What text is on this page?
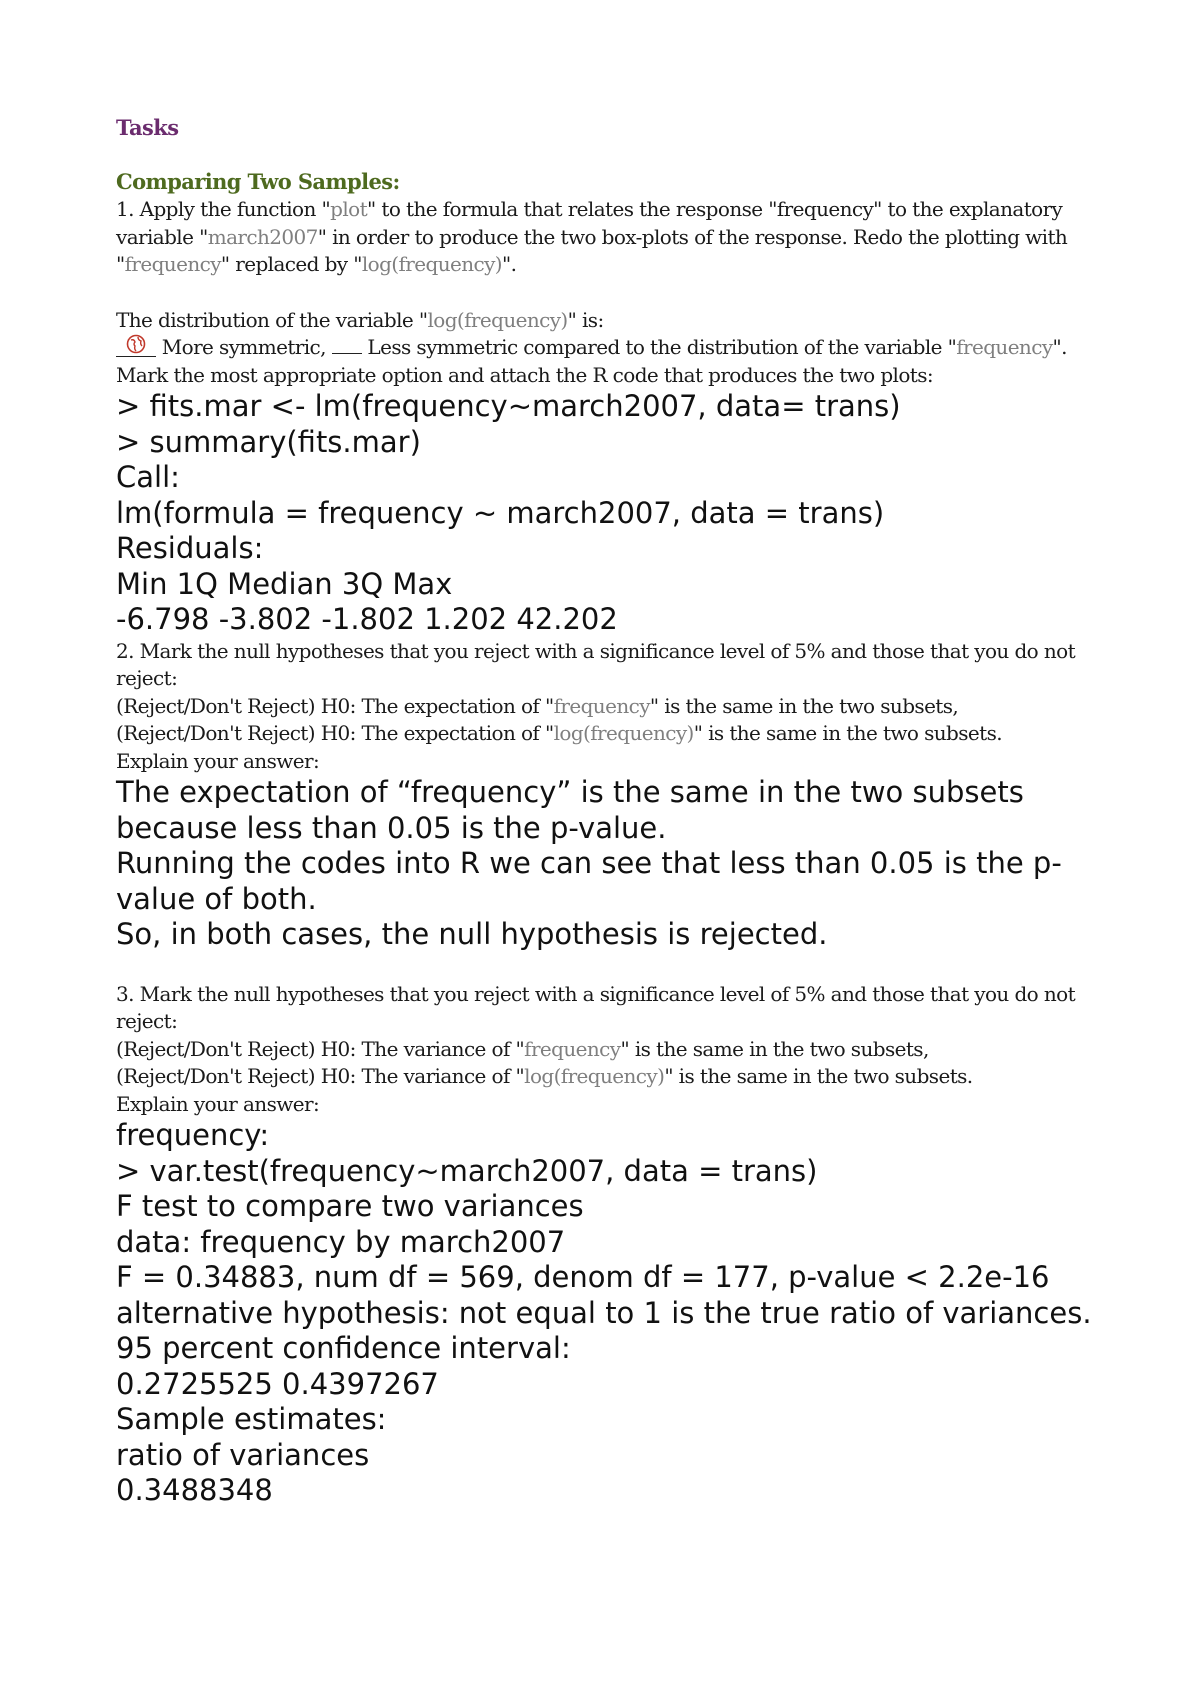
Tasks

Comparing Two Samples:

1. Apply the function "plot" to the formula that relates the response "frequency" to the explanatory variable "march2007" in order to produce the two box-plots of the response. Redo the plotting with "frequency" replaced by "log(frequency)".

The distribution of the variable "log(frequency)" is:

More symmetric,  Less symmetric compared to the distribution of the variable "frequency".

Mark the most appropriate option and attach the R code that produces the two plots:

> fits.mar <- lm(frequency~march2007, data= trans)

> summary(fits.mar)

Call:

lm(formula = frequency ~ march2007, data = trans)

Residuals:

Min 1Q Median 3Q Max

-6.798 -3.802 -1.802 1.202 42.202

2. Mark the null hypotheses that you reject with a significance level of 5% and those that you do not reject:

(Reject/Don't Reject) H0: The expectation of "frequency" is the same in the two subsets,

(Reject/Don't Reject) H0: The expectation of "log(frequency)" is the same in the two subsets.

Explain your answer:

The expectation of “frequency” is the same in the two subsets because less than 0.05 is the p-value.

Running the codes into R we can see that less than 0.05 is the p-value of both.

So, in both cases, the null hypothesis is rejected.

3. Mark the null hypotheses that you reject with a significance level of 5% and those that you do not reject:

(Reject/Don't Reject) H0: The variance of "frequency" is the same in the two subsets,

(Reject/Don't Reject) H0: The variance of "log(frequency)" is the same in the two subsets.

Explain your answer:

frequency:

> var.test(frequency~march2007, data = trans)

F test to compare two variances

data: frequency by march2007

F = 0.34883, num df = 569, denom df = 177, p-value < 2.2e-16

alternative hypothesis: not equal to 1 is the true ratio of variances.

95 percent confidence interval:

0.2725525 0.4397267

Sample estimates:

ratio of variances

0.3488348
